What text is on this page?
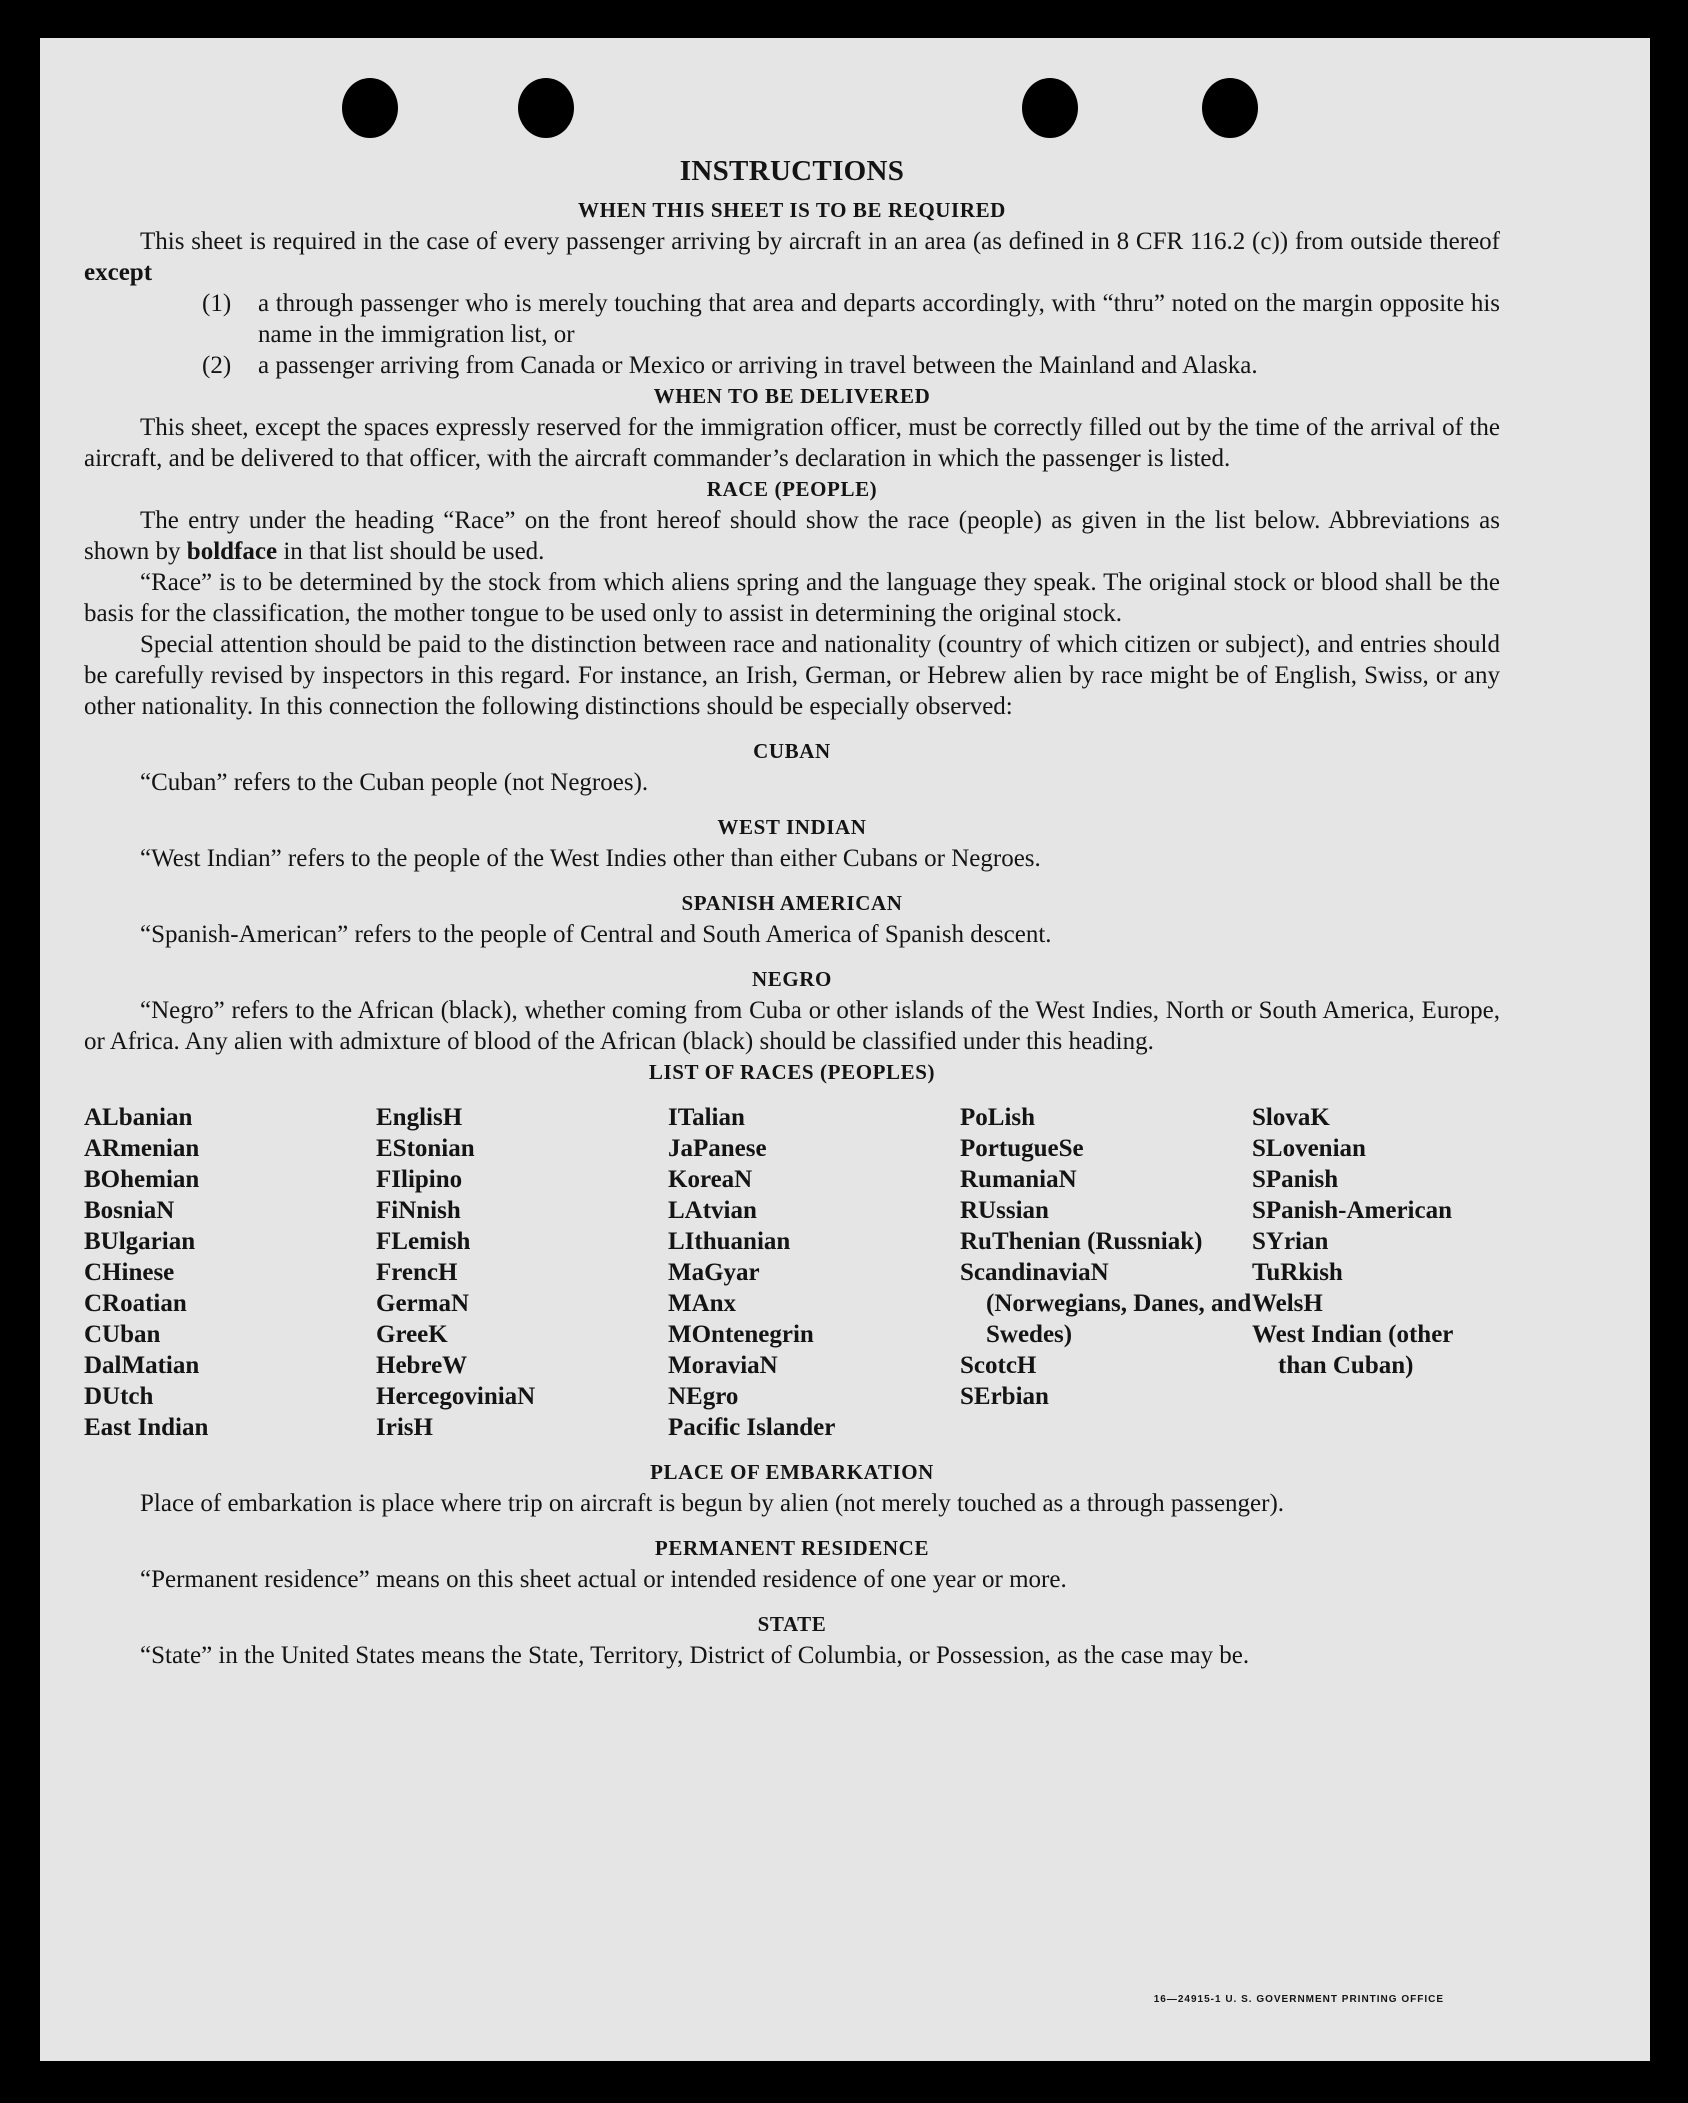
INSTRUCTIONS
WHEN THIS SHEET IS TO BE REQUIRED

This sheet is required in the case of every passenger arriving by aircraft in an area (as defined in 8 CFR 116.2 (c)) from outside thereof except

(1)	a through passenger who is merely touching that area and departs accordingly, with “thru” noted on the margin opposite his name in the immigration list, or
(2)	a passenger arriving from Canada or Mexico or arriving in travel between the Mainland and Alaska.
WHEN TO BE DELIVERED

This sheet, except the spaces expressly reserved for the immigration officer, must be correctly filled out by the time of the arrival of the aircraft, and be delivered to that officer, with the aircraft commander’s declaration in which the passenger is listed.

RACE (PEOPLE)

The entry under the heading “Race” on the front hereof should show the race (people) as given in the list below. Abbreviations as shown by boldface in that list should be used.

“Race” is to be determined by the stock from which aliens spring and the language they speak. The original stock or blood shall be the basis for the classification, the mother tongue to be used only to assist in determining the original stock.

Special attention should be paid to the distinction between race and nationality (country of which citizen or subject), and entries should be carefully revised by inspectors in this regard. For instance, an Irish, German, or Hebrew alien by race might be of English, Swiss, or any other nationality. In this connection the following distinctions should be especially observed:

CUBAN

“Cuban” refers to the Cuban people (not Negroes).

WEST INDIAN

“West Indian” refers to the people of the West Indies other than either Cubans or Negroes.

SPANISH AMERICAN

“Spanish-American” refers to the people of Central and South America of Spanish descent.

NEGRO

“Negro” refers to the African (black), whether coming from Cuba or other islands of the West Indies, North or South America, Europe, or Africa. Any alien with admixture of blood of the African (black) should be classified under this heading.

LIST OF RACES (PEOPLES)
ALbanian
ARmenian
BOhemian
BosniaN
BUlgarian
CHinese
CRoatian
CUban
DalMatian
DUtch
East Indian
EnglisH
EStonian
FIlipino
FiNnish
FLemish
FrencH
GermaN
GreeK
HebreW
HercegoviniaN
IrisH
ITalian
JaPanese
KoreaN
LAtvian
LIthuanian
MaGyar
MAnx
MOntenegrin
MoraviaN
NEgro
Pacific Islander
PoLish
PortugueSe
RumaniaN
RUssian
RuThenian (Russniak)
ScandinaviaN (Norwegians, Danes, and Swedes)
ScotcH
SErbian
SlovaK
SLovenian
SPanish
SPanish-American
SYrian
TuRkish
WelsH
West Indian (other than Cuban)
PLACE OF EMBARKATION

Place of embarkation is place where trip on aircraft is begun by alien (not merely touched as a through passenger).

PERMANENT RESIDENCE

“Permanent residence” means on this sheet actual or intended residence of one year or more.

STATE

“State” in the United States means the State, Territory, District of Columbia, or Possession, as the case may be.

16—24915-1 U. S. GOVERNMENT PRINTING OFFICE
